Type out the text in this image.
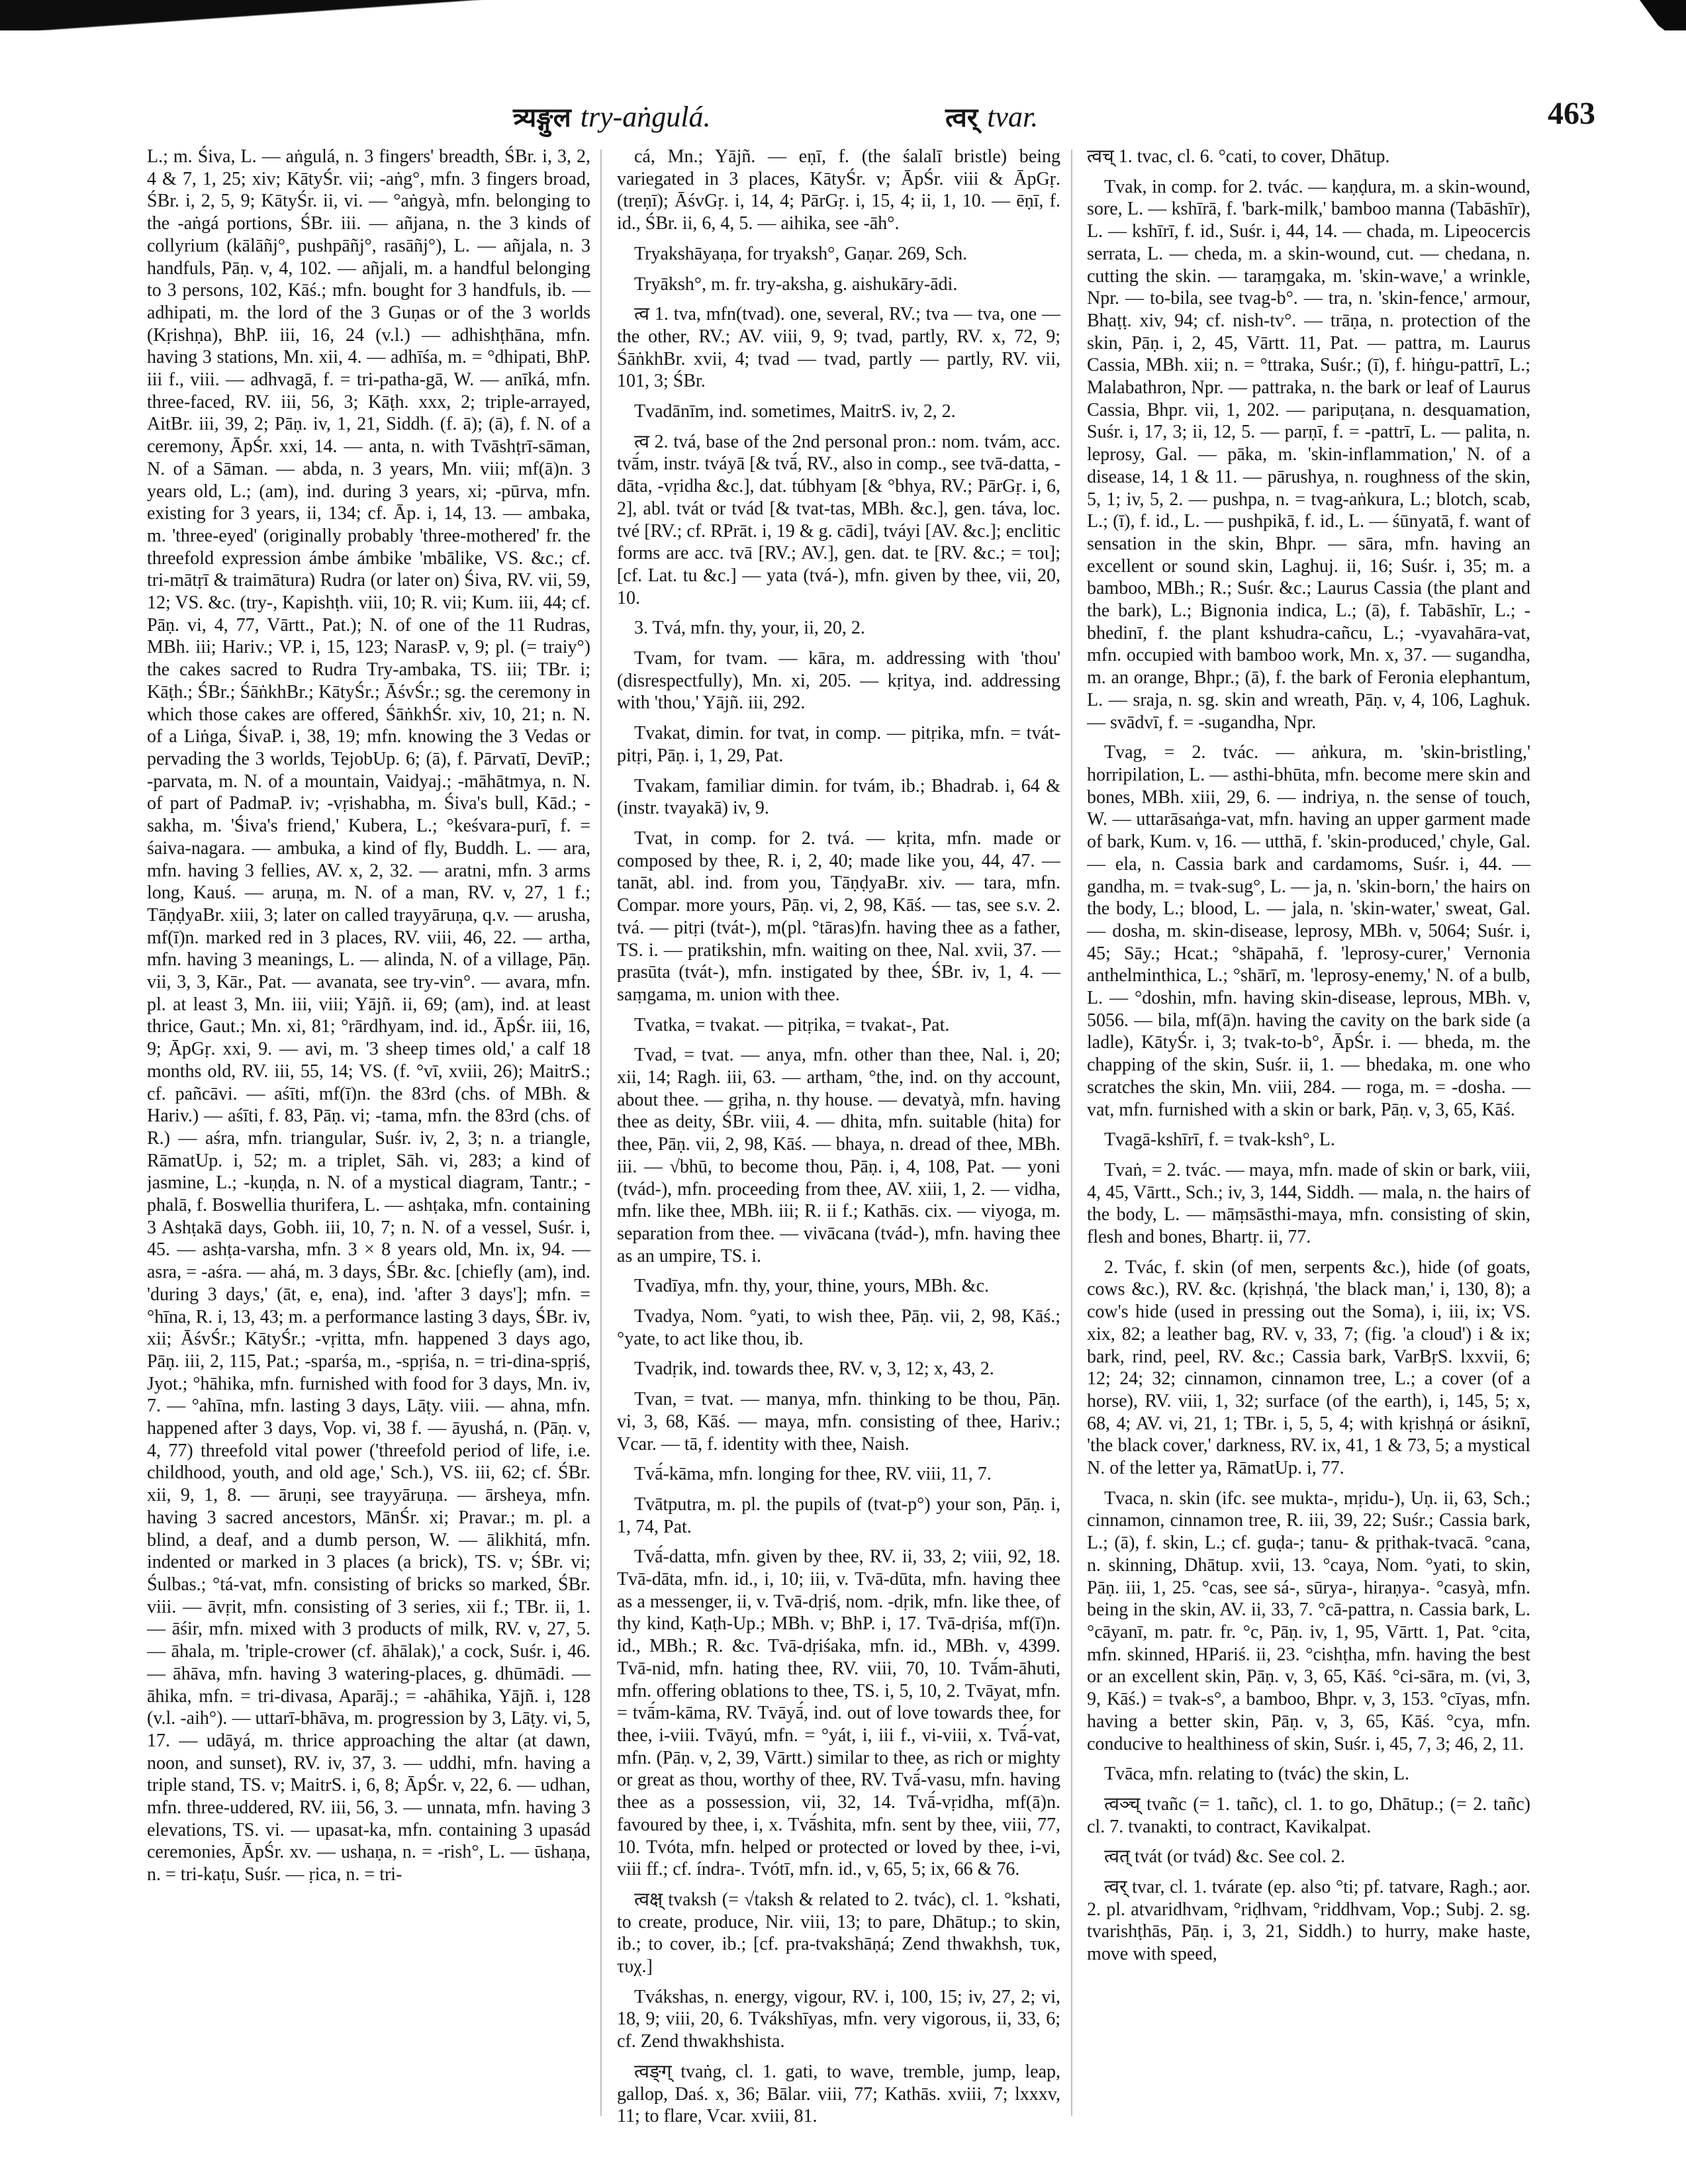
त्र्यङ्गुल try-aṅgulá.	त्वर् tvar.	463

L.; m. Śiva, L. — aṅgulá, n. 3 fingers' breadth, ŚBr. i, 3, 2, 4 & 7, 1, 25; xiv; KātyŚr. vii; -aṅg°, mfn. 3 fingers broad, ŚBr. i, 2, 5, 9; KātyŚr. ii, vi. — °aṅgyà, mfn. belonging to the -aṅgá portions, ŚBr. iii. — añjana, n. the 3 kinds of collyrium (kālāñj°, pushpāñj°, rasāñj°), L. — añjala, n. 3 handfuls, Pāṇ. v, 4, 102. — añjali, m. a handful belonging to 3 persons, 102, Kāś.; mfn. bought for 3 handfuls, ib. — adhipati, m. the lord of the 3 Guṇas or of the 3 worlds (Kṛishṇa), BhP. iii, 16, 24 (v.l.) — adhishṭhāna, mfn. having 3 stations, Mn. xii, 4. — adhīśa, m. = °dhipati, BhP. iii f., viii. — adhvagā, f. = tri-patha-gā, W. — anīká, mfn. three-faced, RV. iii, 56, 3; Kāṭh. xxx, 2; triple-arrayed, AitBr. iii, 39, 2; Pāṇ. iv, 1, 21, Siddh. (f. ā); (ā), f. N. of a ceremony, ĀpŚr. xxi, 14. — anta, n. with Tvāshṭrī-sāman, N. of a Sāman. — abda, n. 3 years, Mn. viii; mf(ā)n. 3 years old, L.; (am), ind. during 3 years, xi; -pūrva, mfn. existing for 3 years, ii, 134; cf. Āp. i, 14, 13. — ambaka, m. 'three-eyed' (originally probably 'three-mothered' fr. the threefold expression ámbe ámbike 'mbālike, VS. &c.; cf. tri-mātṛī & traimātura) Rudra (or later on) Śiva, RV. vii, 59, 12; VS. &c. (try-, Kapishṭh. viii, 10; R. vii; Kum. iii, 44; cf. Pāṇ. vi, 4, 77, Vārtt., Pat.); N. of one of the 11 Rudras, MBh. iii; Hariv.; VP. i, 15, 123; NarasP. v, 9; pl. (= traiy°) the cakes sacred to Rudra Try-ambaka, TS. iii; TBr. i; Kāṭh.; ŚBr.; ŚāṅkhBr.; KātyŚr.; ĀśvŚr.; sg. the ceremony in which those cakes are offered, ŚāṅkhŚr. xiv, 10, 21; n. N. of a Liṅga, ŚivaP. i, 38, 19; mfn. knowing the 3 Vedas or pervading the 3 worlds, TejobUp. 6; (ā), f. Pārvatī, DevīP.; -parvata, m. N. of a mountain, Vaidyaj.; -māhātmya, n. N. of part of PadmaP. iv; -vṛishabha, m. Śiva's bull, Kād.; -sakha, m. 'Śiva's friend,' Kubera, L.; °keśvara-purī, f. = śaiva-nagara. — ambuka, a kind of fly, Buddh. L. — ara, mfn. having 3 fellies, AV. x, 2, 32. — aratni, mfn. 3 arms long, Kauś. — aruṇa, m. N. of a man, RV. v, 27, 1 f.; TāṇḍyaBr. xiii, 3; later on called trayyāruṇa, q.v. — arusha, mf(ī)n. marked red in 3 places, RV. viii, 46, 22. — artha, mfn. having 3 meanings, L. — alinda, N. of a village, Pāṇ. vii, 3, 3, Kār., Pat. — avanata, see try-vin°. — avara, mfn. pl. at least 3, Mn. iii, viii; Yājñ. ii, 69; (am), ind. at least thrice, Gaut.; Mn. xi, 81; °rārdhyam, ind. id., ĀpŚr. iii, 16, 9; ĀpGṛ. xxi, 9. — avi, m. '3 sheep times old,' a calf 18 months old, RV. iii, 55, 14; VS. (f. °vī, xviii, 26); MaitrS.; cf. pañcāvi. — aśīti, mf(ī)n. the 83rd (chs. of MBh. & Hariv.) — aśīti, f. 83, Pāṇ. vi; -tama, mfn. the 83rd (chs. of R.) — aśra, mfn. triangular, Suśr. iv, 2, 3; n. a triangle, RāmatUp. i, 52; m. a triplet, Sāh. vi, 283; a kind of jasmine, L.; -kuṇḍa, n. N. of a mystical diagram, Tantr.; -phalā, f. Boswellia thurifera, L. — ashṭaka, mfn. containing 3 Ashṭakā days, Gobh. iii, 10, 7; n. N. of a vessel, Suśr. i, 45. — ashṭa-varsha, mfn. 3 × 8 years old, Mn. ix, 94. — asra, = -aśra. — ahá, m. 3 days, ŚBr. &c. [chiefly (am), ind. 'during 3 days,' (āt, e, ena), ind. 'after 3 days']; mfn. = °hīna, R. i, 13, 43; m. a performance lasting 3 days, ŚBr. iv, xii; ĀśvŚr.; KātyŚr.; -vṛitta, mfn. happened 3 days ago, Pāṇ. iii, 2, 115, Pat.; -sparśa, m., -spṛiśa, n. = tri-dina-spṛiś, Jyot.; °hāhika, mfn. furnished with food for 3 days, Mn. iv, 7. — °ahīna, mfn. lasting 3 days, Lāṭy. viii. — ahna, mfn. happened after 3 days, Vop. vi, 38 f. — āyushá, n. (Pāṇ. v, 4, 77) threefold vital power ('threefold period of life, i.e. childhood, youth, and old age,' Sch.), VS. iii, 62; cf. ŚBr. xii, 9, 1, 8. — āruṇi, see trayyāruṇa. — ārsheya, mfn. having 3 sacred ancestors, MānŚr. xi; Pravar.; m. pl. a blind, a deaf, and a dumb person, W. — ālikhitá, mfn. indented or marked in 3 places (a brick), TS. v; ŚBr. vi; Śulbas.; °tá-vat, mfn. consisting of bricks so marked, ŚBr. viii. — āvṛit, mfn. consisting of 3 series, xii f.; TBr. ii, 1. — āśir, mfn. mixed with 3 products of milk, RV. v, 27, 5. — āhala, m. 'triple-crower (cf. āhālak),' a cock, Suśr. i, 46. — āhāva, mfn. having 3 watering-places, g. dhūmādi. — āhika, mfn. = tri-divasa, Aparāj.; = -ahāhika, Yājñ. i, 128 (v.l. -aih°). — uttarī-bhāva, m. progression by 3, Lāṭy. vi, 5, 17. — udāyá, m. thrice approaching the altar (at dawn, noon, and sunset), RV. iv, 37, 3. — uddhi, mfn. having a triple stand, TS. v; MaitrS. i, 6, 8; ĀpŚr. v, 22, 6. — udhan, mfn. three-uddered, RV. iii, 56, 3. — unnata, mfn. having 3 elevations, TS. vi. — upasat-ka, mfn. containing 3 upasád ceremonies, ĀpŚr. xv. — ushaṇa, n. = -rish°, L. — ūshaṇa, n. = tri-kaṭu, Suśr. — ṛica, n. = tri-

cá, Mn.; Yājñ. — eṇī, f. (the śalalī bristle) being variegated in 3 places, KātyŚr. v; ĀpŚr. viii & ĀpGṛ. (treṇī); ĀśvGṛ. i, 14, 4; PārGṛ. i, 15, 4; ii, 1, 10. — ēṇī, f. id., ŚBr. ii, 6, 4, 5. — aihika, see -āh°.

Tryakshāyaṇa, for tryaksh°, Gaṇar. 269, Sch.

Tryāksh°, m. fr. try-aksha, g. aishukāry-ādi.

त्व 1. tva, mfn(tvad). one, several, RV.; tva — tva, one — the other, RV.; AV. viii, 9, 9; tvad, partly, RV. x, 72, 9; ŚāṅkhBr. xvii, 4; tvad — tvad, partly — partly, RV. vii, 101, 3; ŚBr.

Tvadānīm, ind. sometimes, MaitrS. iv, 2, 2.

त्व 2. tvá, base of the 2nd personal pron.: nom. tvám, acc. tvā́m, instr. tváyā [& tvā́, RV., also in comp., see tvā-datta, -dāta, -vṛidha &c.], dat. túbhyam [& °bhya, RV.; PārGṛ. i, 6, 2], abl. tvát or tvád [& tvat-tas, MBh. &c.], gen. táva, loc. tvé [RV.; cf. RPrāt. i, 19 & g. cādi], tváyi [AV. &c.]; enclitic forms are acc. tvā [RV.; AV.], gen. dat. te [RV. &c.; = τοι]; [cf. Lat. tu &c.] — yata (tvá-), mfn. given by thee, vii, 20, 10.

3. Tvá, mfn. thy, your, ii, 20, 2.

Tvam, for tvam. — kāra, m. addressing with 'thou' (disrespectfully), Mn. xi, 205. — kṛitya, ind. addressing with 'thou,' Yājñ. iii, 292.

Tvakat, dimin. for tvat, in comp. — pitṛika, mfn. = tvát-pitṛi, Pāṇ. i, 1, 29, Pat.

Tvakam, familiar dimin. for tvám, ib.; Bhadrab. i, 64 & (instr. tvayakā) iv, 9.

Tvat, in comp. for 2. tvá. — kṛita, mfn. made or composed by thee, R. i, 2, 40; made like you, 44, 47. — tanāt, abl. ind. from you, TāṇḍyaBr. xiv. — tara, mfn. Compar. more yours, Pāṇ. vi, 2, 98, Kāś. — tas, see s.v. 2. tvá. — pitṛi (tvát-), m(pl. °tāras)fn. having thee as a father, TS. i. — pratikshin, mfn. waiting on thee, Nal. xvii, 37. — prasūta (tvát-), mfn. instigated by thee, ŚBr. iv, 1, 4. — saṃgama, m. union with thee.

Tvatka, = tvakat. — pitṛika, = tvakat-, Pat.

Tvad, = tvat. — anya, mfn. other than thee, Nal. i, 20; xii, 14; Ragh. iii, 63. — artham, °the, ind. on thy account, about thee. — gṛiha, n. thy house. — devatyà, mfn. having thee as deity, ŚBr. viii, 4. — dhita, mfn. suitable (hita) for thee, Pāṇ. vii, 2, 98, Kāś. — bhaya, n. dread of thee, MBh. iii. — √bhū, to become thou, Pāṇ. i, 4, 108, Pat. — yoni (tvád-), mfn. proceeding from thee, AV. xiii, 1, 2. — vidha, mfn. like thee, MBh. iii; R. ii f.; Kathās. cix. — viyoga, m. separation from thee. — vivācana (tvád-), mfn. having thee as an umpire, TS. i.

Tvadīya, mfn. thy, your, thine, yours, MBh. &c.

Tvadya, Nom. °yati, to wish thee, Pāṇ. vii, 2, 98, Kāś.; °yate, to act like thou, ib.

Tvadṛik, ind. towards thee, RV. v, 3, 12; x, 43, 2.

Tvan, = tvat. — manya, mfn. thinking to be thou, Pāṇ. vi, 3, 68, Kāś. — maya, mfn. consisting of thee, Hariv.; Vcar. — tā, f. identity with thee, Naish.

Tvā́-kāma, mfn. longing for thee, RV. viii, 11, 7.

Tvātputra, m. pl. the pupils of (tvat-p°) your son, Pāṇ. i, 1, 74, Pat.

Tvā́-datta, mfn. given by thee, RV. ii, 33, 2; viii, 92, 18. Tvā-dāta, mfn. id., i, 10; iii, v. Tvā-dūta, mfn. having thee as a messenger, ii, v. Tvā-dṛiś, nom. -dṛik, mfn. like thee, of thy kind, Kaṭh-Up.; MBh. v; BhP. i, 17. Tvā-dṛiśa, mf(ī)n. id., MBh.; R. &c. Tvā-dṛiśaka, mfn. id., MBh. v, 4399. Tvā-nid, mfn. hating thee, RV. viii, 70, 10. Tvā́m-āhuti, mfn. offering oblations to thee, TS. i, 5, 10, 2. Tvāyat, mfn. = tvā́m-kāma, RV. Tvāyā́, ind. out of love towards thee, for thee, i-viii. Tvāyú, mfn. = °yát, i, iii f., vi-viii, x. Tvā́-vat, mfn. (Pāṇ. v, 2, 39, Vārtt.) similar to thee, as rich or mighty or great as thou, worthy of thee, RV. Tvā́-vasu, mfn. having thee as a possession, vii, 32, 14. Tvā́-vṛidha, mf(ā)n. favoured by thee, i, x. Tvā́shita, mfn. sent by thee, viii, 77, 10. Tvóta, mfn. helped or protected or loved by thee, i-vi, viii ff.; cf. índra-. Tvótī, mfn. id., v, 65, 5; ix, 66 & 76.

त्वक्ष् tvaksh (= √taksh & related to 2. tvác), cl. 1. °kshati, to create, produce, Nir. viii, 13; to pare, Dhātup.; to skin, ib.; to cover, ib.; [cf. pra-tvakshāṇá; Zend thwakhsh, τυκ, τυχ.]

Tvákshas, n. energy, vigour, RV. i, 100, 15; iv, 27, 2; vi, 18, 9; viii, 20, 6. Tvákshīyas, mfn. very vigorous, ii, 33, 6; cf. Zend thwakhshista.

त्वङ्ग् tvaṅg, cl. 1. gati, to wave, tremble, jump, leap, gallop, Daś. x, 36; Bālar. viii, 77; Kathās. xviii, 7; lxxxv, 11; to flare, Vcar. xviii, 81.

त्वच् 1. tvac, cl. 6. °cati, to cover, Dhātup.

Tvak, in comp. for 2. tvác. — kaṇḍura, m. a skin-wound, sore, L. — kshīrā, f. 'bark-milk,' bamboo manna (Tabāshīr), L. — kshīrī, f. id., Suśr. i, 44, 14. — chada, m. Lipeocercis serrata, L. — cheda, m. a skin-wound, cut. — chedana, n. cutting the skin. — taraṃgaka, m. 'skin-wave,' a wrinkle, Npr. — to-bila, see tvag-b°. — tra, n. 'skin-fence,' armour, Bhaṭṭ. xiv, 94; cf. nish-tv°. — trāṇa, n. protection of the skin, Pāṇ. i, 2, 45, Vārtt. 11, Pat. — pattra, m. Laurus Cassia, MBh. xii; n. = °ttraka, Suśr.; (ī), f. hiṅgu-pattrī, L.; Malabathron, Npr. — pattraka, n. the bark or leaf of Laurus Cassia, Bhpr. vii, 1, 202. — paripuṭana, n. desquamation, Suśr. i, 17, 3; ii, 12, 5. — parṇī, f. = -pattrī, L. — palita, n. leprosy, Gal. — pāka, m. 'skin-inflammation,' N. of a disease, 14, 1 & 11. — pārushya, n. roughness of the skin, 5, 1; iv, 5, 2. — pushpa, n. = tvag-aṅkura, L.; blotch, scab, L.; (ī), f. id., L. — pushpikā, f. id., L. — śūnyatā, f. want of sensation in the skin, Bhpr. — sāra, mfn. having an excellent or sound skin, Laghuj. ii, 16; Suśr. i, 35; m. a bamboo, MBh.; R.; Suśr. &c.; Laurus Cassia (the plant and the bark), L.; Bignonia indica, L.; (ā), f. Tabāshīr, L.; -bhedinī, f. the plant kshudra-cañcu, L.; -vyavahāra-vat, mfn. occupied with bamboo work, Mn. x, 37. — sugandha, m. an orange, Bhpr.; (ā), f. the bark of Feronia elephantum, L. — sraja, n. sg. skin and wreath, Pāṇ. v, 4, 106, Laghuk. — svādvī, f. = -sugandha, Npr.

Tvag, = 2. tvác. — aṅkura, m. 'skin-bristling,' horripilation, L. — asthi-bhūta, mfn. become mere skin and bones, MBh. xiii, 29, 6. — indriya, n. the sense of touch, W. — uttarāsaṅga-vat, mfn. having an upper garment made of bark, Kum. v, 16. — utthā, f. 'skin-produced,' chyle, Gal. — ela, n. Cassia bark and cardamoms, Suśr. i, 44. — gandha, m. = tvak-sug°, L. — ja, n. 'skin-born,' the hairs on the body, L.; blood, L. — jala, n. 'skin-water,' sweat, Gal. — dosha, m. skin-disease, leprosy, MBh. v, 5064; Suśr. i, 45; Sāy.; Hcat.; °shāpahā, f. 'leprosy-curer,' Vernonia anthelminthica, L.; °shārī, m. 'leprosy-enemy,' N. of a bulb, L. — °doshin, mfn. having skin-disease, leprous, MBh. v, 5056. — bila, mf(ā)n. having the cavity on the bark side (a ladle), KātyŚr. i, 3; tvak-to-b°, ĀpŚr. i. — bheda, m. the chapping of the skin, Suśr. ii, 1. — bhedaka, m. one who scratches the skin, Mn. viii, 284. — roga, m. = -dosha. — vat, mfn. furnished with a skin or bark, Pāṇ. v, 3, 65, Kāś.

Tvagā-kshīrī, f. = tvak-ksh°, L.

Tvaṅ, = 2. tvác. — maya, mfn. made of skin or bark, viii, 4, 45, Vārtt., Sch.; iv, 3, 144, Siddh. — mala, n. the hairs of the body, L. — māṃsāsthi-maya, mfn. consisting of skin, flesh and bones, Bhartṛ. ii, 77.

2. Tvác, f. skin (of men, serpents &c.), hide (of goats, cows &c.), RV. &c. (kṛishṇá, 'the black man,' i, 130, 8); a cow's hide (used in pressing out the Soma), i, iii, ix; VS. xix, 82; a leather bag, RV. v, 33, 7; (fig. 'a cloud') i & ix; bark, rind, peel, RV. &c.; Cassia bark, VarBṛS. lxxvii, 6; 12; 24; 32; cinnamon, cinnamon tree, L.; a cover (of a horse), RV. viii, 1, 32; surface (of the earth), i, 145, 5; x, 68, 4; AV. vi, 21, 1; TBr. i, 5, 5, 4; with kṛishṇá or ásiknī, 'the black cover,' darkness, RV. ix, 41, 1 & 73, 5; a mystical N. of the letter ya, RāmatUp. i, 77.

Tvaca, n. skin (ifc. see mukta-, mṛidu-), Uṇ. ii, 63, Sch.; cinnamon, cinnamon tree, R. iii, 39, 22; Suśr.; Cassia bark, L.; (ā), f. skin, L.; cf. guḍa-; tanu- & pṛithak-tvacā. °cana, n. skinning, Dhātup. xvii, 13. °caya, Nom. °yati, to skin, Pāṇ. iii, 1, 25. °cas, see sá-, sūrya-, hiraṇya-. °casyà, mfn. being in the skin, AV. ii, 33, 7. °cā-pattra, n. Cassia bark, L. °cāyanī, m. patr. fr. °c, Pāṇ. iv, 1, 95, Vārtt. 1, Pat. °cita, mfn. skinned, HPariś. ii, 23. °cishṭha, mfn. having the best or an excellent skin, Pāṇ. v, 3, 65, Kāś. °ci-sāra, m. (vi, 3, 9, Kāś.) = tvak-s°, a bamboo, Bhpr. v, 3, 153. °cīyas, mfn. having a better skin, Pāṇ. v, 3, 65, Kāś. °cya, mfn. conducive to healthiness of skin, Suśr. i, 45, 7, 3; 46, 2, 11.

Tvāca, mfn. relating to (tvác) the skin, L.

त्वञ्च् tvañc (= 1. tañc), cl. 1. to go, Dhātup.; (= 2. tañc) cl. 7. tvanakti, to contract, Kavikalpat.

त्वत् tvát (or tvád) &c. See col. 2.

त्वर् tvar, cl. 1. tvárate (ep. also °ti; pf. tatvare, Ragh.; aor. 2. pl. atvaridhvam, °riḍhvam, °riddhvam, Vop.; Subj. 2. sg. tvarishṭhās, Pāṇ. i, 3, 21, Siddh.) to hurry, make haste, move with speed,
